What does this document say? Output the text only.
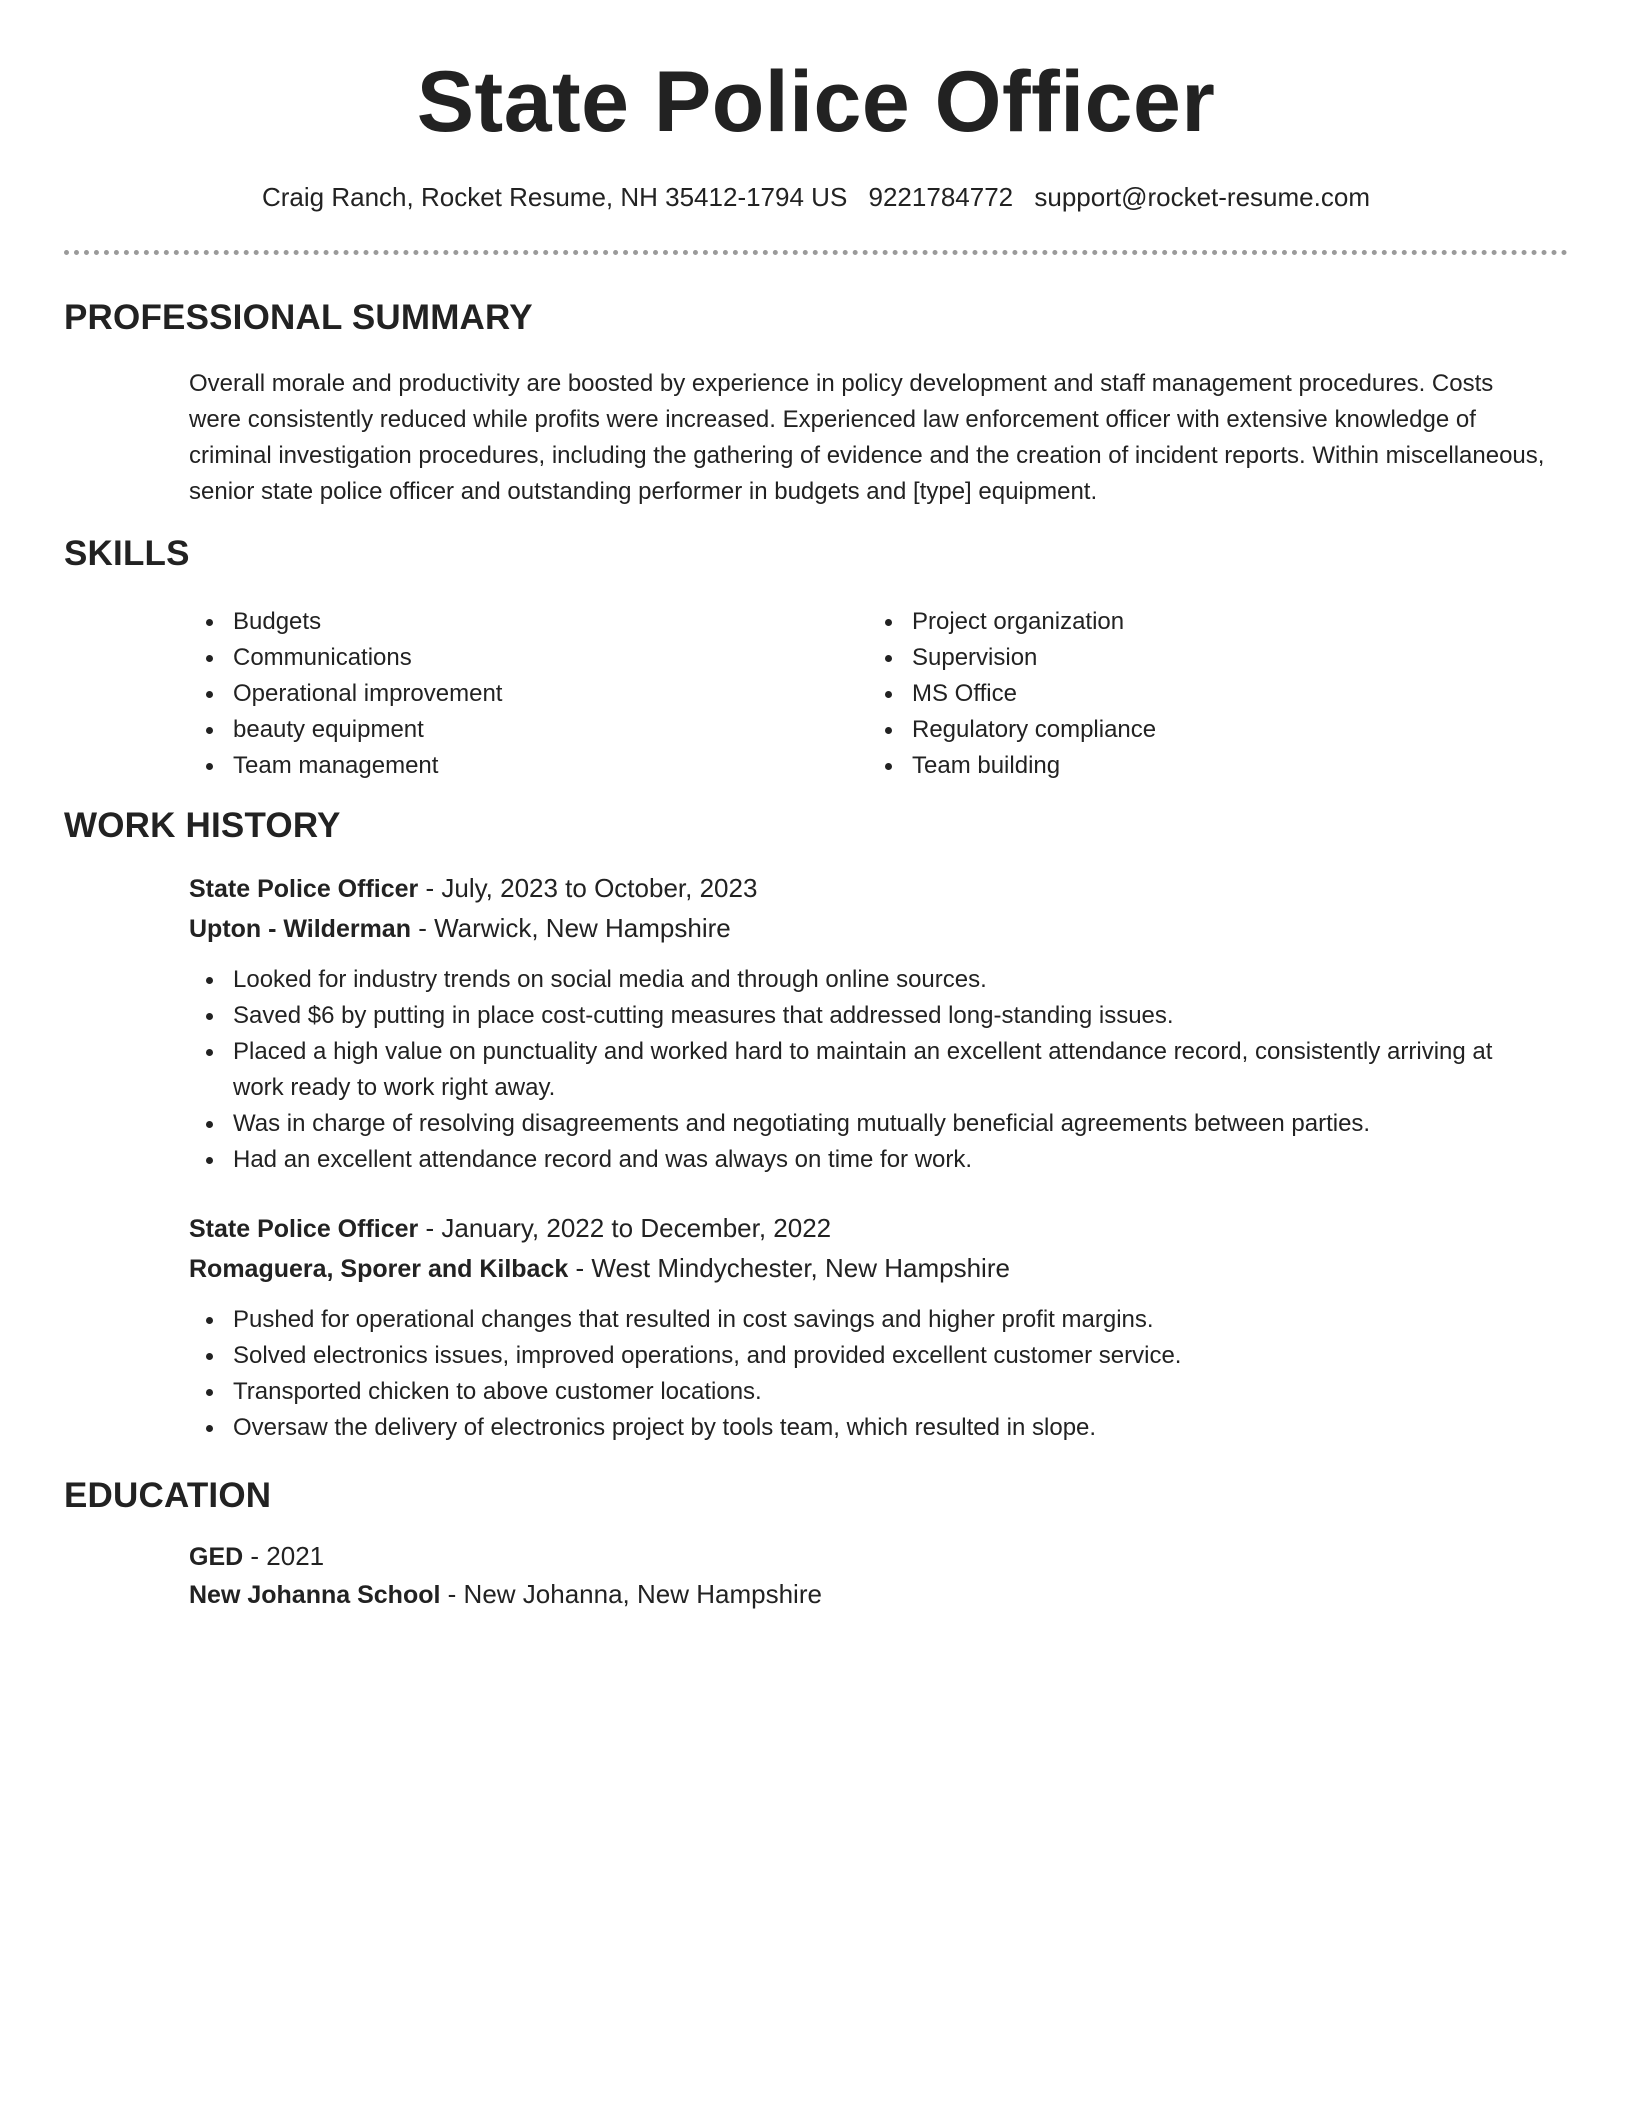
State Police Officer
Craig Ranch, Rocket Resume, NH 35412-1794 US 9221784772 support@rocket-resume.com
PROFESSIONAL SUMMARY

Overall morale and productivity are boosted by experience in policy development and staff management procedures. Costs were consistently reduced while profits were increased. Experienced law enforcement officer with extensive knowledge of criminal investigation procedures, including the gathering of evidence and the creation of incident reports. Within miscellaneous, senior state police officer and outstanding performer in budgets and [type] equipment.

SKILLS
Budgets
Communications
Operational improvement
beauty equipment
Team management
Project organization
Supervision
MS Office
Regulatory compliance
Team building
WORK HISTORY
State Police Officer - July, 2023 to October, 2023
Upton - Wilderman - Warwick, New Hampshire
Looked for industry trends on social media and through online sources.
Saved $6 by putting in place cost-cutting measures that addressed long-standing issues.
Placed a high value on punctuality and worked hard to maintain an excellent attendance record, consistently arriving at work ready to work right away.
Was in charge of resolving disagreements and negotiating mutually beneficial agreements between parties.
Had an excellent attendance record and was always on time for work.
State Police Officer - January, 2022 to December, 2022
Romaguera, Sporer and Kilback - West Mindychester, New Hampshire
Pushed for operational changes that resulted in cost savings and higher profit margins.
Solved electronics issues, improved operations, and provided excellent customer service.
Transported chicken to above customer locations.
Oversaw the delivery of electronics project by tools team, which resulted in slope.
EDUCATION
GED - 2021
New Johanna School - New Johanna, New Hampshire
